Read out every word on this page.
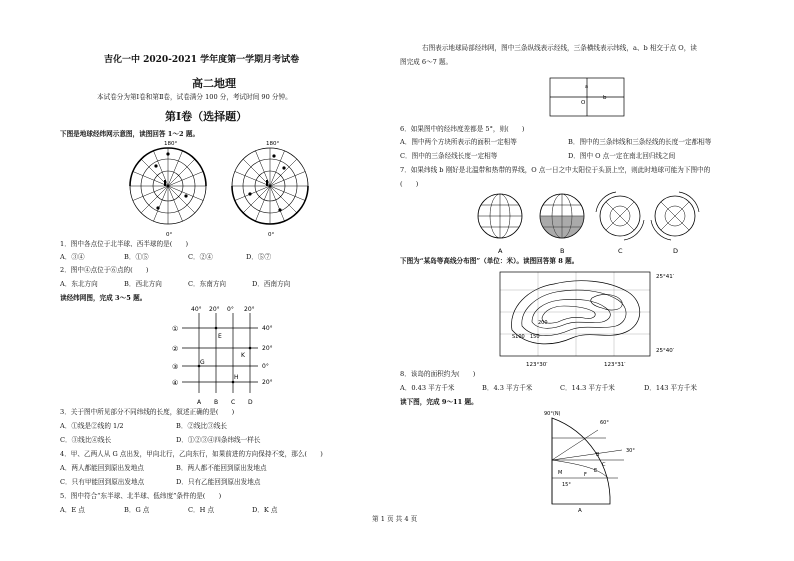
吉化一中 2020-2021 学年度第一学期月考试卷
高二地理
本试卷分为第Ⅰ卷和第Ⅱ卷，试卷满分 100 分，考试时间 90 分钟。
第Ⅰ卷（选择题）
下图是地球经纬网示意图，读图回答 1～2 题。
180°
0°
180°
0°
1．图中各点位于北半球、西半球的是(　　)
A．③④	B．①⑤	C．②④	D．⑤⑦
2．图中④点位于⑥点的(　　)
A．东北方向	B．西北方向	C．东南方向	D．西南方向
读经纬网图，完成 3～5 题。
40° 20° 0° 20°
40°
20°
0°
20°
①
②
③
④
A B C D
E
G
K
H
3．关于图中所见部分不同纬线的长度，叙述正确的是(　　)
A．①线是②线的 1/2	B．②线比③线长
C．③线比④线长	D．①②③④四条纬线一样长
4．甲、乙两人从 G 点出发，甲向北行，乙向东行，如果前进的方向保持不变，那么(　　)
A．两人都能回到原出发地点	B．两人都不能回到原出发地点
C．只有甲能回到原出发地点	D．只有乙能回到原出发地点
5．图中符合“东半球、北半球、低纬度”条件的是(　　)
A．E 点	B．G 点	C．H 点	D．K 点
右图表示地球局部经纬网，图中三条纵线表示经线，三条横线表示纬线，a、b 相交于点 O，读
图完成 6～7 题。
a
O
b
6．如果图中的经纬度差都是 5°，则(　　)
A．图中两个方块所表示的面积一定相等	B．图中的三条纬线和三条经线的长度一定都相等
C．图中的三条经线长度一定相等	D．图中 O 点一定在南北回归线之间
7．如果纬线 b 刚好是北温带和热带的界线，O 点一日之中太阳位于头顶上空，则此时地球可能为下图中的
(　　)
A	B	C	D
下图为“某岛等高线分布图”（单位：米）。读图回答第 8 题。
25°41′
25°40′
123°30′	123°31′
200
S100 150
8．该岛的面积约为(　　)
A．0.43 平方千米	B．4.3 平方千米	C．14.3 平方千米	D．143 平方千米
读下图，完成 9～11 题。
90°(N)
60°
30°
B
C
E
F
M
15°
A
第 1 页 共 4 页
